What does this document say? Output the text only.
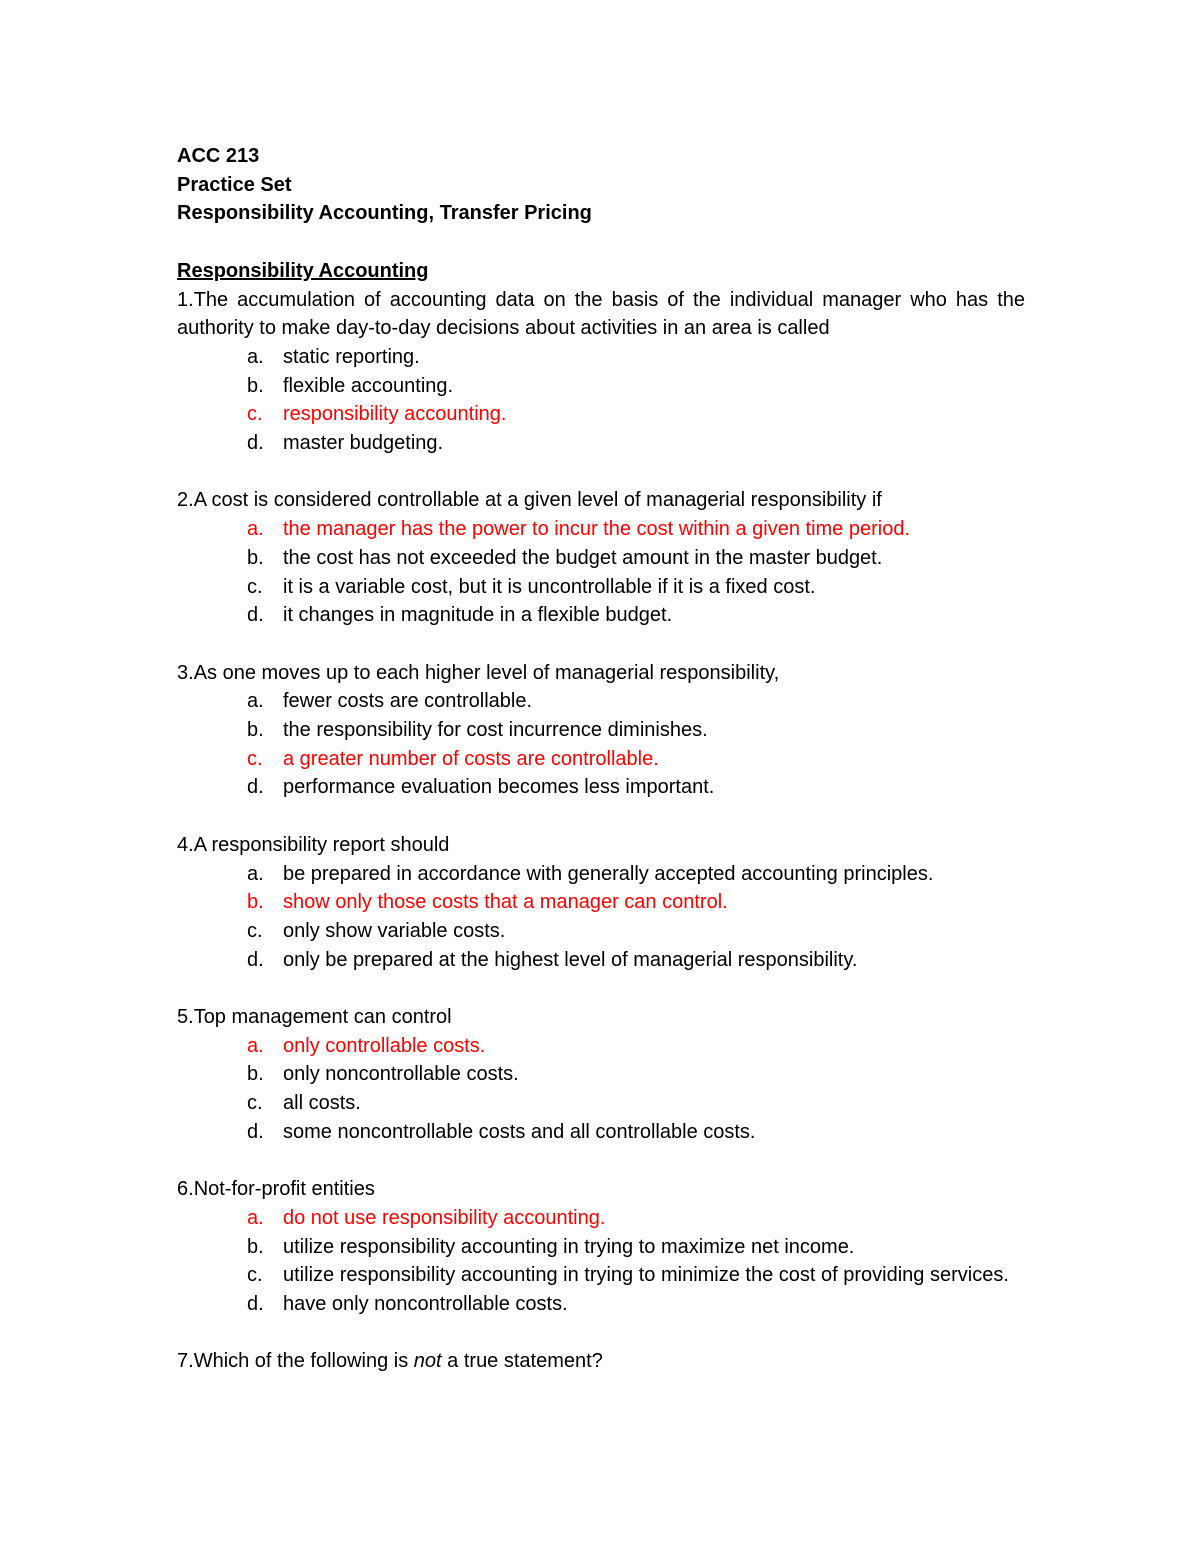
ACC 213
Practice Set
Responsibility Accounting, Transfer Pricing
Responsibility Accounting
1.The accumulation of accounting data on the basis of the individual manager who has the authority to make day-to-day decisions about activities in an area is called
a. static reporting.
b. flexible accounting.
c. responsibility accounting.
d. master budgeting.
2.A cost is considered controllable at a given level of managerial responsibility if
a. the manager has the power to incur the cost within a given time period.
b. the cost has not exceeded the budget amount in the master budget.
c. it is a variable cost, but it is uncontrollable if it is a fixed cost.
d. it changes in magnitude in a flexible budget.
3.As one moves up to each higher level of managerial responsibility,
a. fewer costs are controllable.
b. the responsibility for cost incurrence diminishes.
c. a greater number of costs are controllable.
d. performance evaluation becomes less important.
4.A responsibility report should
a. be prepared in accordance with generally accepted accounting principles.
b. show only those costs that a manager can control.
c. only show variable costs.
d. only be prepared at the highest level of managerial responsibility.
5.Top management can control
a. only controllable costs.
b. only noncontrollable costs.
c. all costs.
d. some noncontrollable costs and all controllable costs.
6.Not-for-profit entities
a. do not use responsibility accounting.
b. utilize responsibility accounting in trying to maximize net income.
c. utilize responsibility accounting in trying to minimize the cost of providing services.
d. have only noncontrollable costs.
7.Which of the following is not a true statement?
